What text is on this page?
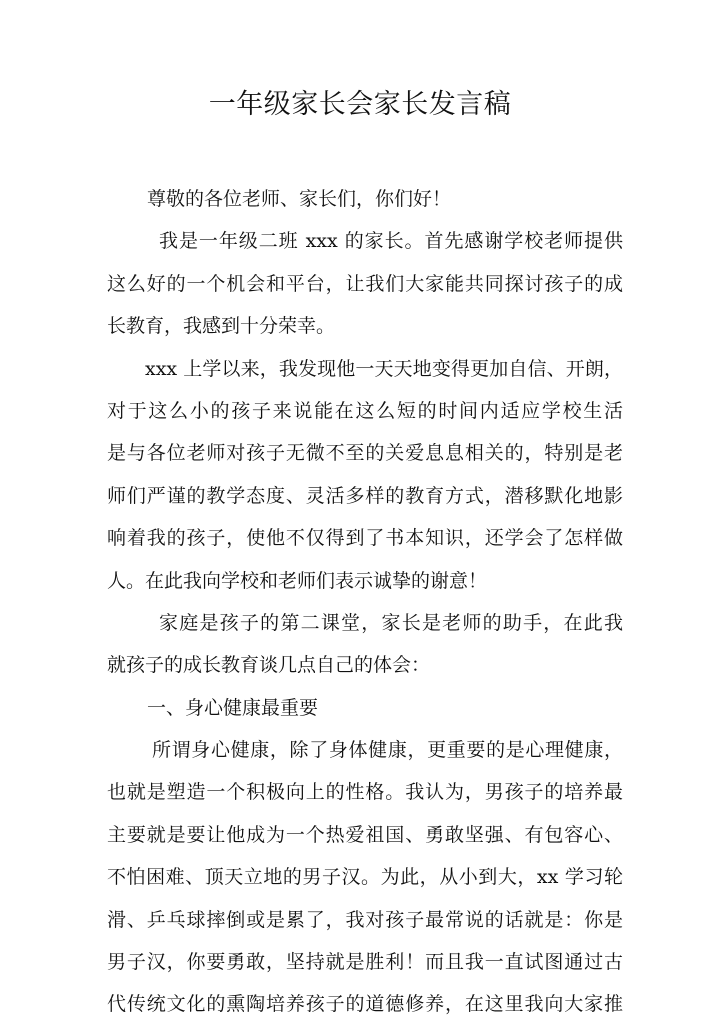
一年级家长会家长发言稿
尊敬的各位老师、家长们，你们好！
我是一年级二班 xxx 的家长。首先感谢学校老师提供
这么好的一个机会和平台，让我们大家能共同探讨孩子的成
长教育，我感到十分荣幸。
xxx 上学以来，我发现他一天天地变得更加自信、开朗，
对于这么小的孩子来说能在这么短的时间内适应学校生活
是与各位老师对孩子无微不至的关爱息息相关的，特别是老
师们严谨的教学态度、灵活多样的教育方式，潜移默化地影
响着我的孩子，使他不仅得到了书本知识，还学会了怎样做
人。在此我向学校和老师们表示诚挚的谢意！
家庭是孩子的第二课堂，家长是老师的助手，在此我
就孩子的成长教育谈几点自己的体会：
一、身心健康最重要
所谓身心健康，除了身体健康，更重要的是心理健康，
也就是塑造一个积极向上的性格。我认为，男孩子的培养最
主要就是要让他成为一个热爱祖国、勇敢坚强、有包容心、
不怕困难、顶天立地的男子汉。为此，从小到大，xx 学习轮
滑、乒乓球摔倒或是累了，我对孩子最常说的话就是：你是
男子汉，你要勇敢，坚持就是胜利！而且我一直试图通过古
代传统文化的熏陶培养孩子的道德修养，在这里我向大家推
